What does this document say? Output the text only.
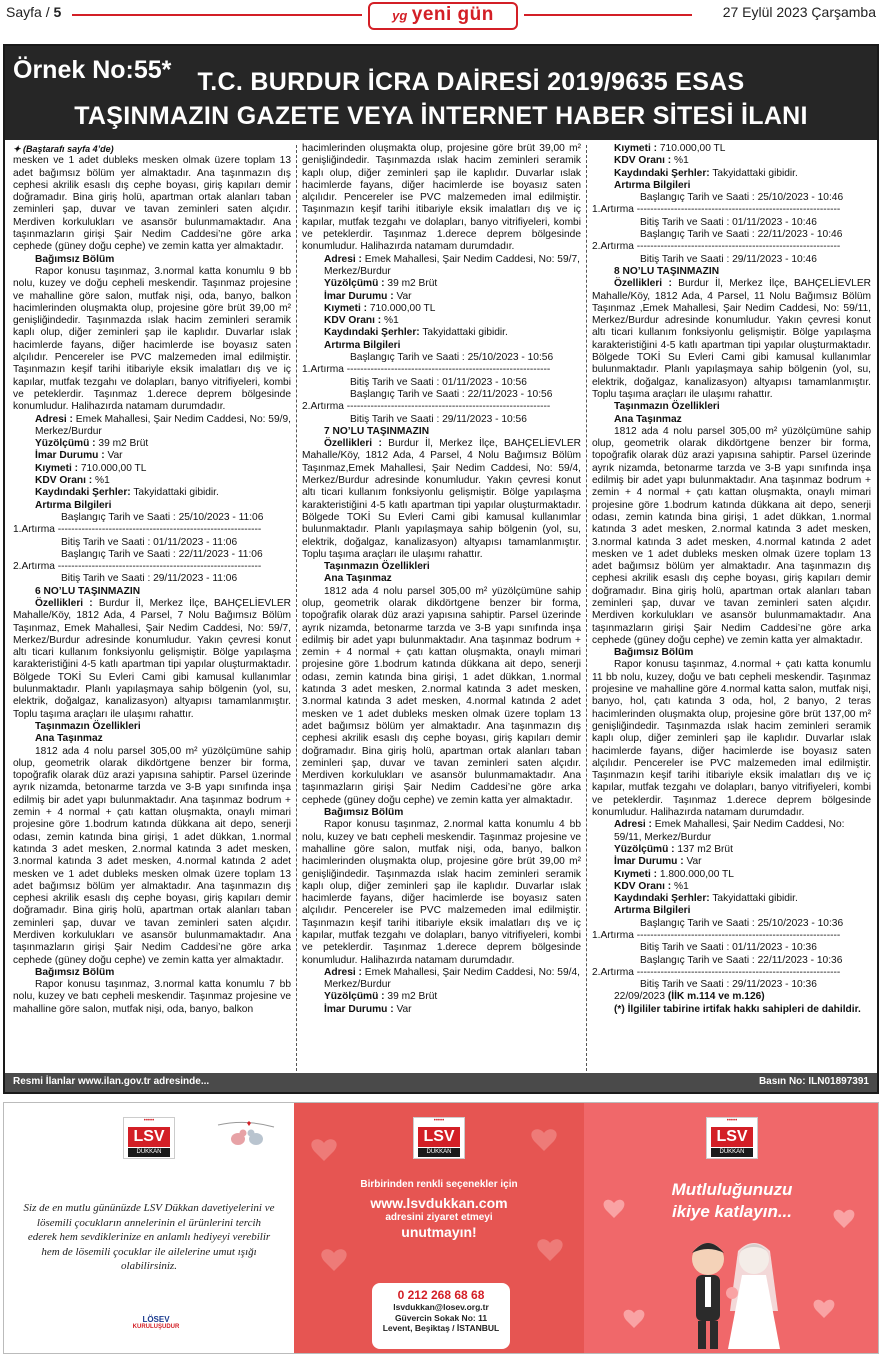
Sayfa / 5	yg yeni gün	27 Eylül 2023 Çarşamba
Örnek No:55*	T.C. BURDUR İCRA DAİRESİ 2019/9635 ESAS
TAŞINMAZIN GAZETE VEYA İNTERNET HABER SİTESİ İLANI

✦ (Baştarafı sayfa 4’de)

mesken ve 1 adet dubleks mesken olmak üzere toplam 13 adet bağımsız bölüm yer almaktadır. Ana taşınmazın dış cephesi akrilik esaslı dış cephe boyası, giriş kapıları demir doğramadır. Bina giriş holü, apartman ortak alanları taban zeminleri şap, duvar ve tavan zeminleri saten alçıdır. Merdiven korkulukları ve asansör bulunmamaktadır. Ana taşınmazların girişi Şair Nedim Caddesi’ne göre arka cephede (güney doğu cephe) ve zemin katta yer almaktadır.

Bağımsız Bölüm

Rapor konusu taşınmaz, 3.normal katta konumlu 9 bb nolu, kuzey ve doğu cepheli meskendir. Taşınmaz projesine ve mahalline göre salon, mutfak nişi, oda, banyo, balkon hacimlerinden oluşmakta olup, projesine göre brüt 39,00 m² genişliğindedir. Taşınmazda ıslak hacim zeminleri seramik kaplı olup, diğer zeminleri şap ile kaplıdır. Duvarlar ıslak hacimlerde fayans, diğer hacimlerde ise boyasız saten alçılıdır. Pencereler ise PVC malzemeden imal edilmiştir. Taşınmazın keşif tarihi itibariyle eksik imalatları dış ve iç kapılar, mutfak tezgahı ve dolapları, banyo vitrifiyeleri, kombi ve peteklerdir. Taşınmaz 1.derece deprem bölgesinde konumludur. Halihazırda natamam durumdadır.

Adresi : Emek Mahallesi, Şair Nedim Caddesi, No: 59/9, Merkez/Burdur

Yüzölçümü : 39 m2 Brüt

İmar Durumu : Var

Kıymeti : 710.000,00 TL

KDV Oranı : %1

Kaydındaki Şerhler: Takyidattaki gibidir.

Artırma Bilgileri

Başlangıç Tarih ve Saati : 25/10/2023 - 11:06

1.Artırma ------------------------------------------------------------

Bitiş Tarih ve Saati : 01/11/2023 - 11:06

Başlangıç Tarih ve Saati : 22/11/2023 - 11:06

2.Artırma ------------------------------------------------------------

Bitiş Tarih ve Saati : 29/11/2023 - 11:06

6 NO’LU TAŞINMAZIN

Özellikleri : Burdur İl, Merkez İlçe, BAHÇELİEVLER Mahalle/Köy, 1812 Ada, 4 Parsel, 7 Nolu Bağımsız Bölüm Taşınmaz, Emek Mahallesi, Şair Nedim Caddesi, No: 59/7, Merkez/Burdur adresinde konumludur. Yakın çevresi konut altı ticari kullanım fonksiyonlu gelişmiştir. Bölge yapılaşma karakteristiğini 4-5 katlı apartman tipi yapılar oluşturmaktadır. Bölgede TOKİ Su Evleri Cami gibi kamusal kullanımlar bulunmaktadır. Planlı yapılaşmaya sahip bölgenin (yol, su, elektrik, doğalgaz, kanalizasyon) altyapısı tamamlanmıştır. Toplu taşıma araçları ile ulaşımı rahattır.

Taşınmazın Özellikleri

Ana Taşınmaz

1812 ada 4 nolu parsel 305,00 m² yüzölçümüne sahip olup, geometrik olarak dikdörtgene benzer bir forma, topoğrafik olarak düz arazi yapısına sahiptir. Parsel üzerinde ayrık nizamda, betonarme tarzda ve 3-B yapı sınıfında inşa edilmiş bir adet yapı bulunmaktadır. Ana taşınmaz bodrum + zemin + 4 normal + çatı kattan oluşmakta, onaylı mimari projesine göre 1.bodrum katında dükkana ait depo, senerji odası, zemin katında bina girişi, 1 adet dükkan, 1.normal katında 3 adet mesken, 2.normal katında 3 adet mesken, 3.normal katında 3 adet mesken, 4.normal katında 2 adet mesken ve 1 adet dubleks mesken olmak üzere toplam 13 adet bağımsız bölüm yer almaktadır. Ana taşınmazın dış cephesi akrilik esaslı dış cephe boyası, giriş kapıları demir doğramadır. Bina giriş holü, apartman ortak alanları taban zeminleri şap, duvar ve tavan zeminleri saten alçıdır. Merdiven korkulukları ve asansör bulunmamaktadır. Ana taşınmazların girişi Şair Nedim Caddesi’ne göre arka cephede (güney doğu cephe) ve zemin katta yer almaktadır.

Bağımsız Bölüm

Rapor konusu taşınmaz, 3.normal katta konumlu 7 bb nolu, kuzey ve batı cepheli meskendir. Taşınmaz projesine ve mahalline göre salon, mutfak nişi, oda, banyo, balkon

hacimlerinden oluşmakta olup, projesine göre brüt 39,00 m² genişliğindedir. Taşınmazda ıslak hacim zeminleri seramik kaplı olup, diğer zeminleri şap ile kaplıdır. Duvarlar ıslak hacimlerde fayans, diğer hacimlerde ise boyasız saten alçılıdır. Pencereler ise PVC malzemeden imal edilmiştir. Taşınmazın keşif tarihi itibariyle eksik imalatları dış ve iç kapılar, mutfak tezgahı ve dolapları, banyo vitrifiyeleri, kombi ve peteklerdir. Taşınmaz 1.derece deprem bölgesinde konumludur. Halihazırda natamam durumdadır.

Adresi : Emek Mahallesi, Şair Nedim Caddesi, No: 59/7, Merkez/Burdur

Yüzölçümü : 39 m2 Brüt

İmar Durumu : Var

Kıymeti : 710.000,00 TL

KDV Oranı : %1

Kaydındaki Şerhler: Takyidattaki gibidir.

Artırma Bilgileri

Başlangıç Tarih ve Saati : 25/10/2023 - 10:56

1.Artırma ------------------------------------------------------------

Bitiş Tarih ve Saati : 01/11/2023 - 10:56

Başlangıç Tarih ve Saati : 22/11/2023 - 10:56

2.Artırma ------------------------------------------------------------

Bitiş Tarih ve Saati : 29/11/2023 - 10:56

7 NO’LU TAŞINMAZIN

Özellikleri : Burdur İl, Merkez İlçe, BAHÇELİEVLER Mahalle/Köy, 1812 Ada, 4 Parsel, 4 Nolu Bağımsız Bölüm Taşınmaz,Emek Mahallesi, Şair Nedim Caddesi, No: 59/4, Merkez/Burdur adresinde konumludur. Yakın çevresi konut altı ticari kullanım fonksiyonlu gelişmiştir. Bölge yapılaşma karakteristiğini 4-5 katlı apartman tipi yapılar oluşturmaktadır. Bölgede TOKİ Su Evleri Cami gibi kamusal kullanımlar bulunmaktadır. Planlı yapılaşmaya sahip bölgenin (yol, su, elektrik, doğalgaz, kanalizasyon) altyapısı tamamlanmıştır. Toplu taşıma araçları ile ulaşımı rahattır.

Taşınmazın Özellikleri

Ana Taşınmaz

1812 ada 4 nolu parsel 305,00 m² yüzölçümüne sahip olup, geometrik olarak dikdörtgene benzer bir forma, topoğrafik olarak düz arazi yapısına sahiptir. Parsel üzerinde ayrık nizamda, betonarme tarzda ve 3-B yapı sınıfında inşa edilmiş bir adet yapı bulunmaktadır. Ana taşınmaz bodrum + zemin + 4 normal + çatı kattan oluşmakta, onaylı mimari projesine göre 1.bodrum katında dükkana ait depo, senerji odası, zemin katında bina girişi, 1 adet dükkan, 1.normal katında 3 adet mesken, 2.normal katında 3 adet mesken, 3.normal katında 3 adet mesken, 4.normal katında 2 adet mesken ve 1 adet dubleks mesken olmak üzere toplam 13 adet bağımsız bölüm yer almaktadır. Ana taşınmazın dış cephesi akrilik esaslı dış cephe boyası, giriş kapıları demir doğramadır. Bina giriş holü, apartman ortak alanları taban zeminleri şap, duvar ve tavan zeminleri saten alçıdır. Merdiven korkulukları ve asansör bulunmamaktadır. Ana taşınmazların girişi Şair Nedim Caddesi’ne göre arka cephede (güney doğu cephe) ve zemin katta yer almaktadır.

Bağımsız Bölüm

Rapor konusu taşınmaz, 2.normal katta konumlu 4 bb nolu, kuzey ve batı cepheli meskendir. Taşınmaz projesine ve mahalline göre salon, mutfak nişi, oda, banyo, balkon hacimlerinden oluşmakta olup, projesine göre brüt 39,00 m² genişliğindedir. Taşınmazda ıslak hacim zeminleri seramik kaplı olup, diğer zeminleri şap ile kaplıdır. Duvarlar ıslak hacimlerde fayans, diğer hacimlerde ise boyasız saten alçılıdır. Pencereler ise PVC malzemeden imal edilmiştir. Taşınmazın keşif tarihi itibariyle eksik imalatları dış ve iç kapılar, mutfak tezgahı ve dolapları, banyo vitrifiyeleri, kombi ve peteklerdir. Taşınmaz 1.derece deprem bölgesinde konumludur. Halihazırda natamam durumdadır.

Adresi : Emek Mahallesi, Şair Nedim Caddesi, No: 59/4, Merkez/Burdur

Yüzölçümü : 39 m2 Brüt

İmar Durumu : Var

Kıymeti : 710.000,00 TL

KDV Oranı : %1

Kaydındaki Şerhler: Takyidattaki gibidir.

Artırma Bilgileri

Başlangıç Tarih ve Saati : 25/10/2023 - 10:46

1.Artırma ------------------------------------------------------------

Bitiş Tarih ve Saati : 01/11/2023 - 10:46

Başlangıç Tarih ve Saati : 22/11/2023 - 10:46

2.Artırma ------------------------------------------------------------

Bitiş Tarih ve Saati : 29/11/2023 - 10:46

8 NO’LU TAŞINMAZIN

Özellikleri : Burdur İl, Merkez İlçe, BAHÇELİEVLER Mahalle/Köy, 1812 Ada, 4 Parsel, 11 Nolu Bağımsız Bölüm Taşınmaz ,Emek Mahallesi, Şair Nedim Caddesi, No: 59/11, Merkez/Burdur adresinde konumludur. Yakın çevresi konut altı ticari kullanım fonksiyonlu gelişmiştir. Bölge yapılaşma karakteristiğini 4-5 katlı apartman tipi yapılar oluşturmaktadır. Bölgede TOKİ Su Evleri Cami gibi kamusal kullanımlar bulunmaktadır. Planlı yapılaşmaya sahip bölgenin (yol, su, elektrik, doğalgaz, kanalizasyon) altyapısı tamamlanmıştır. Toplu taşıma araçları ile ulaşımı rahattır.

Taşınmazın Özellikleri

Ana Taşınmaz

1812 ada 4 nolu parsel 305,00 m² yüzölçümüne sahip olup, geometrik olarak dikdörtgene benzer bir forma, topoğrafik olarak düz arazi yapısına sahiptir. Parsel üzerinde ayrık nizamda, betonarme tarzda ve 3-B yapı sınıfında inşa edilmiş bir adet yapı bulunmaktadır. Ana taşınmaz bodrum + zemin + 4 normal + çatı kattan oluşmakta, onaylı mimari projesine göre 1.bodrum katında dükkana ait depo, senerji odası, zemin katında bina girişi, 1 adet dükkan, 1.normal katında 3 adet mesken, 2.normal katında 3 adet mesken, 3.normal katında 3 adet mesken, 4.normal katında 2 adet mesken ve 1 adet dubleks mesken olmak üzere toplam 13 adet bağımsız bölüm yer almaktadır. Ana taşınmazın dış cephesi akrilik esaslı dış cephe boyası, giriş kapıları demir doğramadır. Bina giriş holü, apartman ortak alanları taban zeminleri şap, duvar ve tavan zeminleri saten alçıdır. Merdiven korkulukları ve asansör bulunmamaktadır. Ana taşınmazların girişi Şair Nedim Caddesi’ne göre arka cephede (güney doğu cephe) ve zemin katta yer almaktadır.

Bağımsız Bölüm

Rapor konusu taşınmaz, 4.normal + çatı katta konumlu 11 bb nolu, kuzey, doğu ve batı cepheli meskendir. Taşınmaz projesine ve mahalline göre 4.normal katta salon, mutfak nişi, banyo, hol, çatı katında 3 oda, hol, 2 banyo, 2 teras hacimlerinden oluşmakta olup, projesine göre brüt 137,00 m² genişliğindedir. Taşınmazda ıslak hacim zeminleri seramik kaplı olup, diğer zeminleri şap ile kaplıdır. Duvarlar ıslak hacimlerde fayans, diğer hacimlerde ise boyasız saten alçılıdır. Pencereler ise PVC malzemeden imal edilmiştir. Taşınmazın keşif tarihi itibariyle eksik imalatları dış ve iç kapılar, mutfak tezgahı ve dolapları, banyo vitrifiyeleri, kombi ve peteklerdir. Taşınmaz 1.derece deprem bölgesinde konumludur. Halihazırda natamam durumdadır.

Adresi : Emek Mahallesi, Şair Nedim Caddesi, No: 59/11, Merkez/Burdur

Yüzölçümü : 137 m2 Brüt

İmar Durumu : Var

Kıymeti : 1.800.000,00 TL

KDV Oranı : %1

Kaydındaki Şerhler: Takyidattaki gibidir.

Artırma Bilgileri

Başlangıç Tarih ve Saati : 25/10/2023 - 10:36

1.Artırma ------------------------------------------------------------

Bitiş Tarih ve Saati : 01/11/2023 - 10:36

Başlangıç Tarih ve Saati : 22/11/2023 - 10:36

2.Artırma ------------------------------------------------------------

Bitiş Tarih ve Saati : 29/11/2023 - 10:36

22/09/2023 (İİK m.114 ve m.126)

(*) İlgililer tabirine irtifak hakkı sahipleri de dahildir.

Resmi İlanlar www.ilan.gov.tr adresinde...	Basın No: ILN01897391
•••••
LSV
DUKKAN
Siz de en mutlu gününüzde LSV Dükkan davetiyelerini ve lösemili çocukların annelerinin el ürünlerini tercih ederek hem sevdiklerinize en anlamlı hediyeyi verebilir hem de lösemili çocuklar ile ailelerine umut ışığı olabilirsiniz.
LÖSEV
KURULUŞUDUR
•••••
LSV
DUKKAN
Birbirinden renkli seçenekler için
www.lsvdukkan.com
adresini ziyaret etmeyi
unutmayın!
0 212 268 68 68
lsvdukkan@losev.org.tr
Güvercin Sokak No: 11
Levent, Beşiktaş / İSTANBUL
•••••
LSV
DUKKAN
Mutluluğunuzu
ikiye katlayın...
